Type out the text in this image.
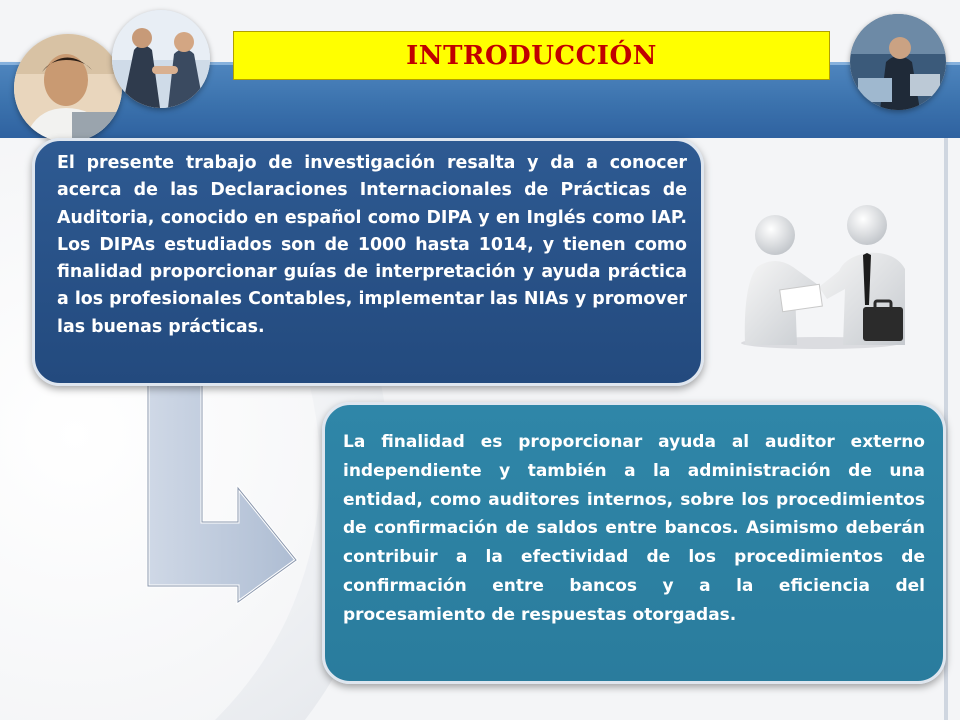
INTRODUCCIÓN

El presente trabajo de investigación resalta y da a conocer acerca de las Declaraciones Internacionales de Prácticas de Auditoria, conocido en español como DIPA y en Inglés como IAP. Los DIPAs estudiados son de 1000 hasta 1014, y tienen como finalidad proporcionar guías de interpretación y ayuda práctica a los profesionales Contables, implementar las NIAs y promover las buenas prácticas.

La finalidad es proporcionar ayuda al auditor externo independiente y también a la administración de una entidad, como auditores internos, sobre los procedimientos de confirmación de saldos entre bancos. Asimismo deberán contribuir a la efectividad de los procedimientos de confirmación entre bancos y a la eficiencia del procesamiento de respuestas otorgadas.
